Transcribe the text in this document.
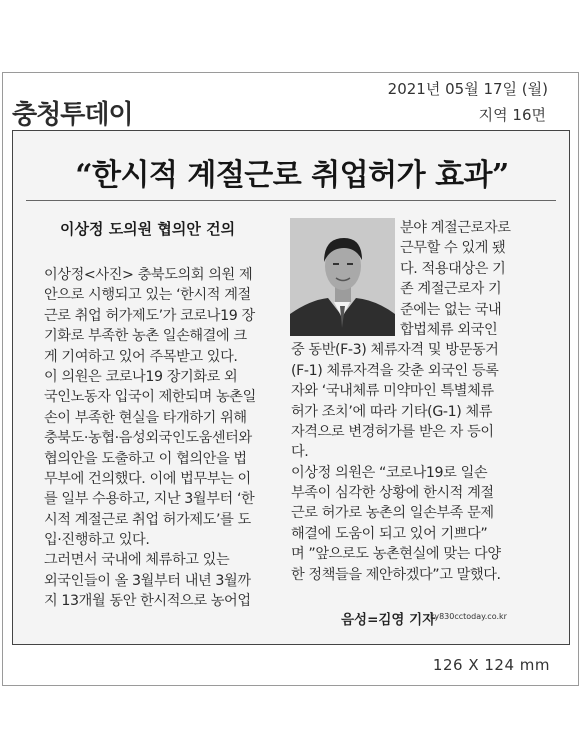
충청투데이
2021년 05월 17일 (월)
지역 16면
“한시적 계절근로 취업허가 효과”
이상정 도의원 협의안 건의
이상정<사진> 충북도의회 의원 제
안으로 시행되고 있는 ‘한시적 계절
근로 취업 허가제도’가 코로나19 장
기화로 부족한 농촌 일손해결에 크
게 기여하고 있어 주목받고 있다.
이 의원은 코로나19 장기화로 외
국인노동자 입국이 제한되며 농촌일
손이 부족한 현실을 타개하기 위해
충북도·농협·음성외국인도움센터와
협의안을 도출하고 이 협의안을 법
무부에 건의했다. 이에 법무부는 이
를 일부 수용하고, 지난 3월부터 ‘한
시적 계절근로 취업 허가제도’를 도
입·진행하고 있다.
그러면서 국내에 체류하고 있는
외국인들이 올 3월부터 내년 3월까
지 13개월 동안 한시적으로 농어업
분야 계절근로자로
근무할 수 있게 됐
다. 적용대상은 기
존 계절근로자 기
준에는 없는 국내
합법체류 외국인
중 동반(F-3) 체류자격 및 방문동거
(F-1) 체류자격을 갖춘 외국인 등록
자와 ‘국내체류 미약마인 특별체류
허가 조치’에 따라 기타(G-1) 체류
자격으로 변경허가를 받은 자 등이
다.
이상정 의원은 “코로나19로 일손
부족이 심각한 상황에 한시적 계절
근로 허가로 농촌의 일손부족 문제
해결에 도움이 되고 있어 기쁘다”
며 ”앞으로도 농촌현실에 맞는 다양
한 정책들을 제안하겠다”고 말했다.
음성=김영 기자
ky830cctoday.co.kr
126 X 124 mm
